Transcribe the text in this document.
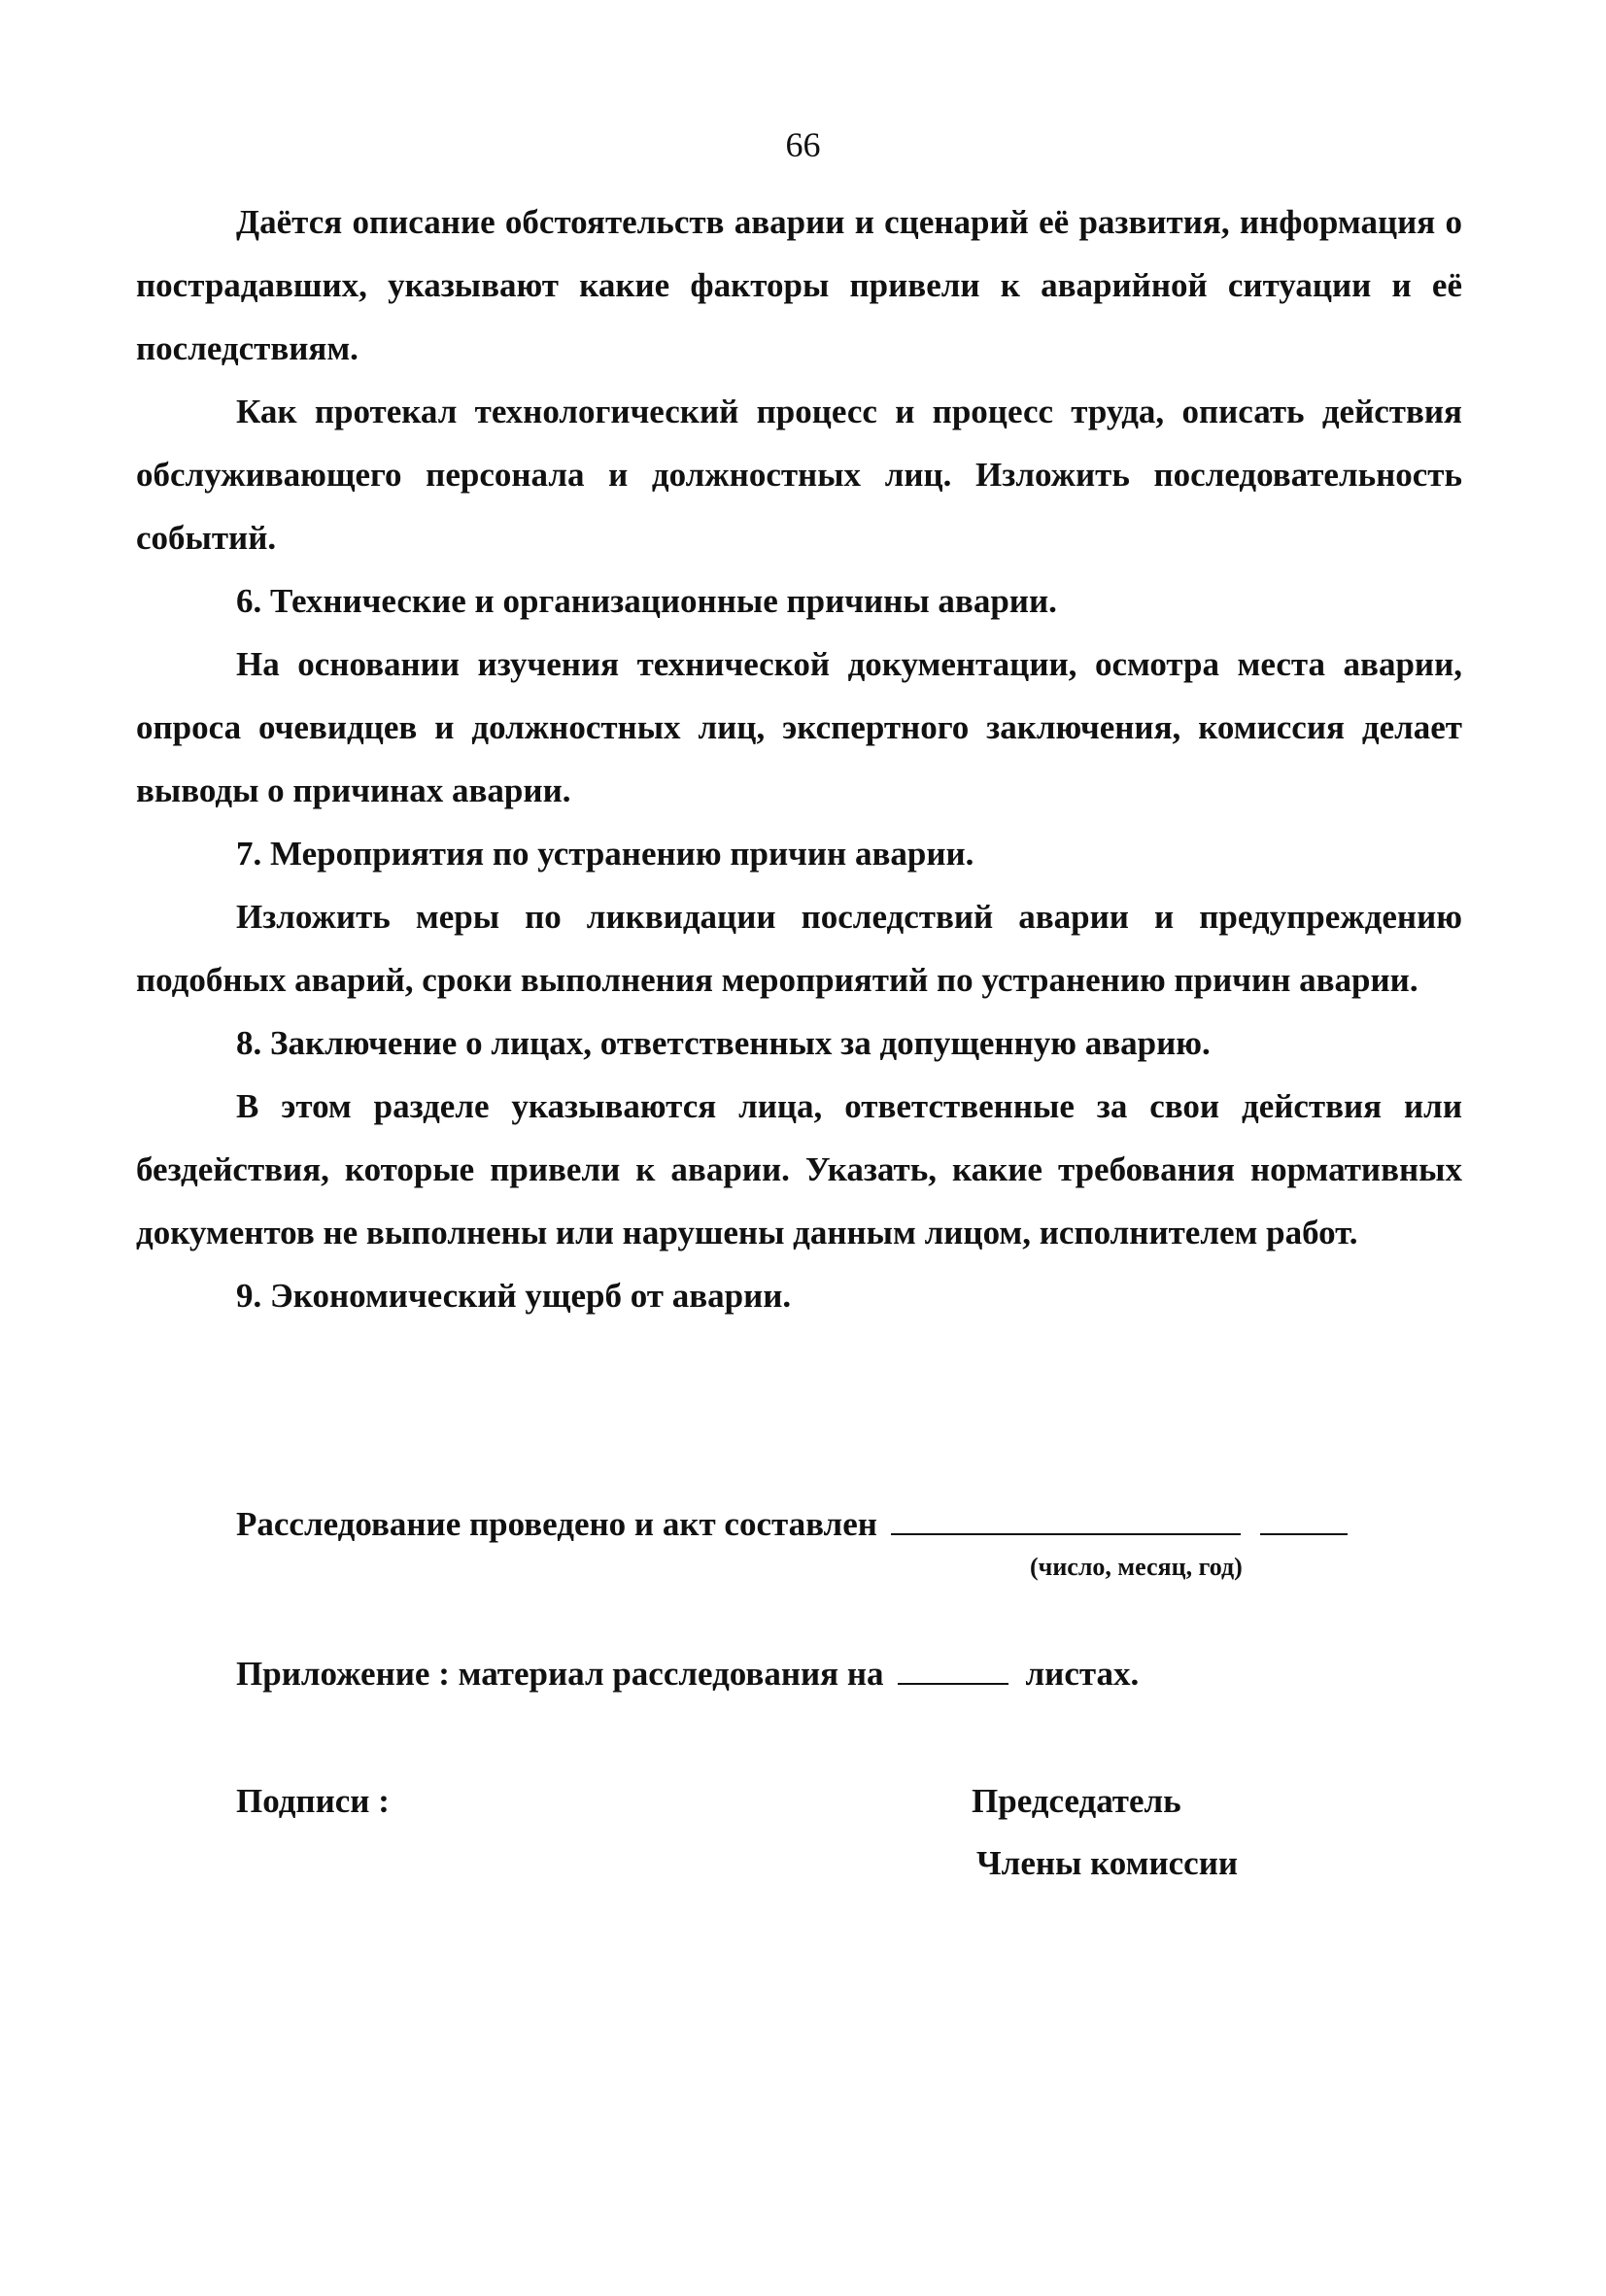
66

Даётся описание обстоятельств аварии и сценарий её развития, информация о пострадавших, указывают какие факторы привели к аварийной ситуации и её последствиям.

Как протекал технологический процесс и процесс труда, описать действия обслуживающего персонала и должностных лиц. Изложить последовательность событий.

6. Технические и организационные причины аварии.

На основании изучения технической документации, осмотра места аварии, опроса очевидцев и должностных лиц, экспертного заключения, комиссия делает выводы о причинах аварии.

7. Мероприятия по устранению причин аварии.

Изложить меры по ликвидации последствий аварии и предупреждению подобных аварий, сроки выполнения мероприятий по устранению причин аварии.

8. Заключение о лицах, ответственных за допущенную аварию.

В этом разделе указываются лица, ответственные за свои действия или бездействия, которые привели к аварии. Указать, какие требования нормативных документов не выполнены или нарушены данным лицом, исполнителем работ.

9. Экономический ущерб от аварии.

Расследование проведено и акт составлен
(число, месяц, год)
Приложение : материал расследования на	листах.
Подписи :	Председатель
Члены комиссии
